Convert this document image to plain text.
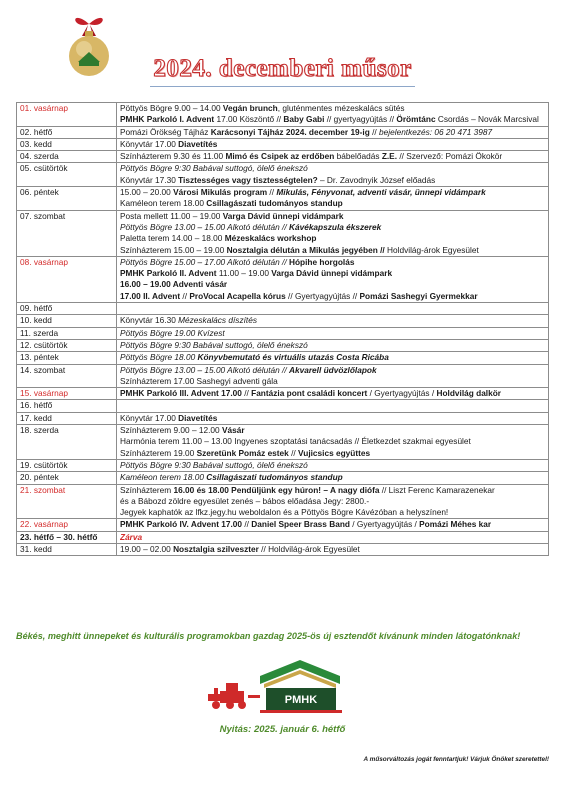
2024. decemberi műsor
01. vasárnap	Pöttyös Bögre 9.00 – 14.00 Vegán brunch, gluténmentes mézeskalács sütés
PMHK Parkoló I. Advent 17.00 Köszöntő // Baby Gabi // gyertyagyújtás // Örömtánc Csordás – Novák Marcsival

02. hétfő	Pomázi Örökség Tájház Karácsonyi Tájház 2024. december 19-ig // bejelentkezés: 06 20 471 3987

03. kedd	Könyvtár 17.00 Diavetítés

04. szerda	Színházterem 9.30 és 11.00 Mimó és Csipek az erdőben bábelőadás Z.E. // Szervező: Pomázi Ökokör

05. csütörtök	Pöttyös Bögre 9:30 Babával suttogó, ölelő énekszó
Könyvtár 17.30 Tisztességes vagy tisztességtelen? – Dr. Zavodnyik József előadás

06. péntek	15.00 – 20.00 Városi Mikulás program // Mikulás, Fényvonat, adventi vásár, ünnepi vidámpark
Kaméleon terem 18.00 Csillagászati tudományos standup

07. szombat	Posta mellett 11.00 – 19.00 Varga Dávid ünnepi vidámpark
Pöttyös Bögre 13.00 – 15.00 Alkotó délután // Kávékapszula ékszerek
Paletta terem 14.00 – 18.00 Mézeskalács workshop
Színházterem 15.00 – 19.00 Nosztalgia délután a Mikulás jegyében // Holdvilág-árok Egyesület

08. vasárnap	Pöttyös Bögre 15.00 – 17.00 Alkotó délután // Hópihe horgolás
PMHK Parkoló II. Advent 11.00 – 19.00 Varga Dávid ünnepi vidámpark
16.00 – 19.00 Adventi vásár
17.00 II. Advent // ProVocal Acapella kórus // Gyertyagyújtás // Pomázi Sashegyi Gyermekkar

09. hétfő	

10. kedd	Könyvtár 16.30 Mézeskalács díszítés

11. szerda	Pöttyös Bögre 19.00 Kvízest

12. csütörtök	Pöttyös Bögre 9:30 Babával suttogó, ölelő énekszó

13. péntek	Pöttyös Bögre 18.00 Könyvbemutató és virtuális utazás Costa Ricába

14. szombat	Pöttyös Bögre 13.00 – 15.00 Alkotó délután // Akvarell üdvözlőlapok
Színházterem 17.00 Sashegyi adventi gála

15. vasárnap	PMHK Parkoló III. Advent 17.00 // Fantázia pont családi koncert / Gyertyagyújtás / Holdvilág dalkör

16. hétfő	

17. kedd	Könyvtár 17.00 Diavetítés

18. szerda	Színházterem 9.00 – 12.00 Vásár
Harmónia terem 11.00 – 13.00 Ingyenes szoptatási tanácsadás // Életkezdet szakmai egyesület
Színházterem 19.00 Szeretünk Pomáz estek // Vujicsics együttes

19. csütörtök	Pöttyös Bögre 9:30 Babával suttogó, ölelő énekszó

20. péntek	Kaméleon terem 18.00 Csillagászati tudományos standup

21. szombat	Színházterem 16.00 és 18.00 Pendüljünk egy húron! – A nagy diófa // Liszt Ferenc Kamarazenekar
és a Bábozd zöldre egyesület zenés – bábos előadása Jegy: 2800.-
Jegyek kaphatók az lfkz.jegy.hu weboldalon és a Pöttyös Bögre Kávézóban a helyszínen!

22. vasárnap	PMHK Parkoló IV. Advent 17.00 // Daniel Speer Brass Band / Gyertyagyújtás / Pomázi Méhes kar

23. hétfő – 30. hétfő	Zárva

31. kedd	19.00 – 02.00 Nosztalgia szilveszter // Holdvilág-árok Egyesület
Békés, meghitt ünnepeket és kulturális programokban gazdag 2025-ös új esztendőt kívánunk minden látogatónknak!
PMHK
Nyitás: 2025. január 6. hétfő
A műsorváltozás jogát fenntartjuk! Várjuk Önöket szeretettel!
